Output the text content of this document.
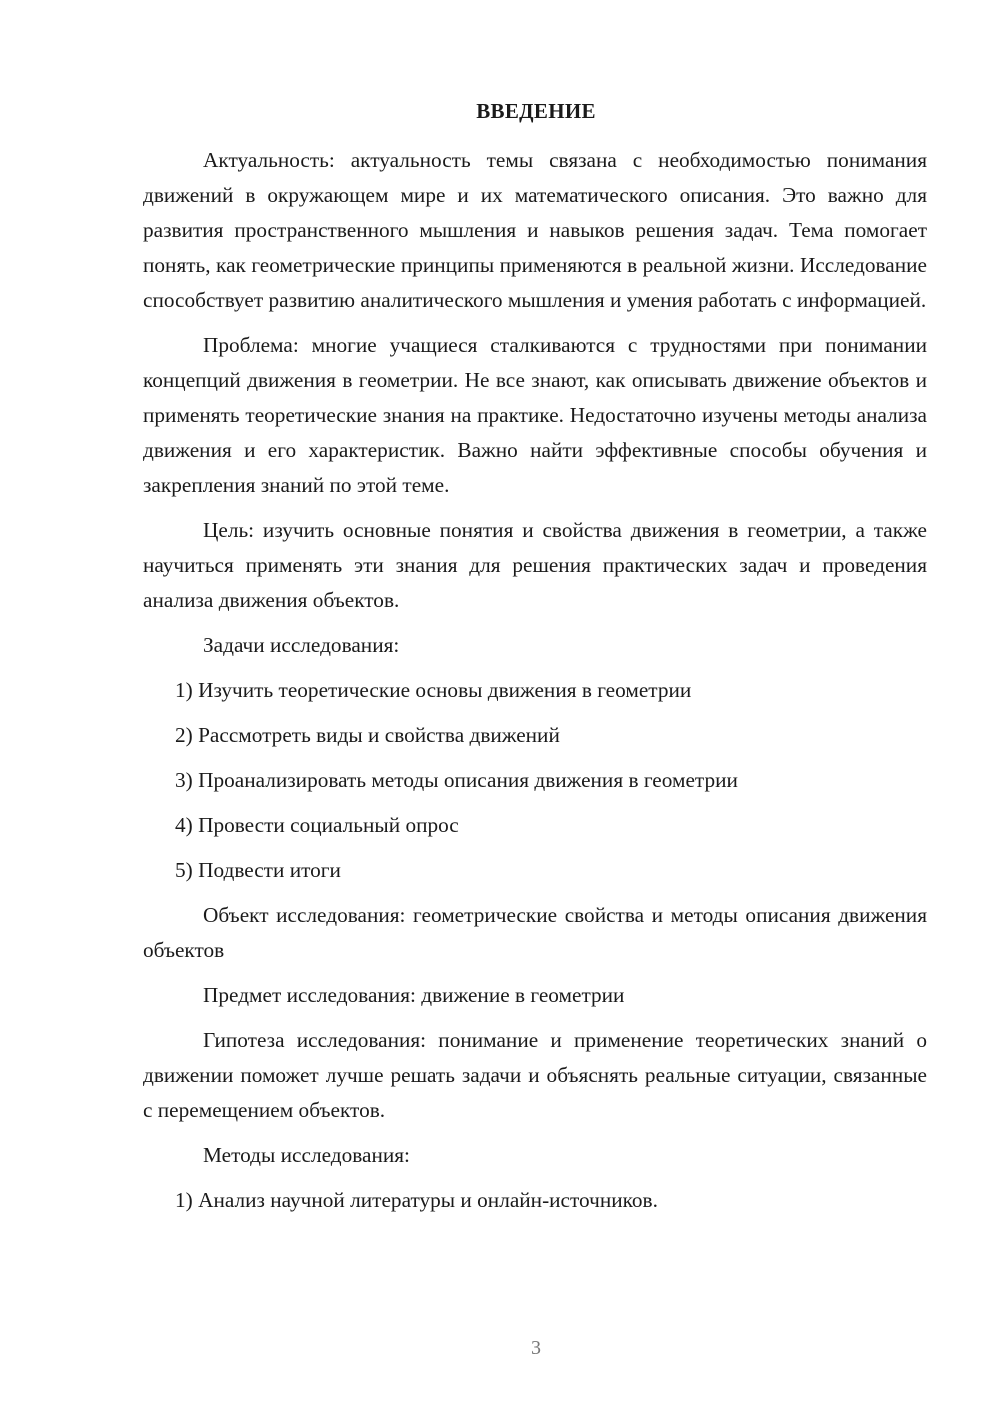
ВВЕДЕНИЕ

Актуальность: актуальность темы связана с необходимостью понимания движений в окружающем мире и их математического описания. Это важно для развития пространственного мышления и навыков решения задач. Тема помогает понять, как геометрические принципы применяются в реальной жизни. Исследование способствует развитию аналитического мышления и умения работать с информацией.

Проблема: многие учащиеся сталкиваются с трудностями при понимании концепций движения в геометрии. Не все знают, как описывать движение объектов и применять теоретические знания на практике. Недостаточно изучены методы анализа движения и его характеристик. Важно найти эффективные способы обучения и закрепления знаний по этой теме.

Цель: изучить основные понятия и свойства движения в геометрии, а также научиться применять эти знания для решения практических задач и проведения анализа движения объектов.

Задачи исследования:
1) Изучить теоретические основы движения в геометрии
2) Рассмотреть виды и свойства движений
3) Проанализировать методы описания движения в геометрии
4) Провести социальный опрос
5) Подвести итоги

Объект исследования: геометрические свойства и методы описания движения объектов

Предмет исследования: движение в геометрии

Гипотеза исследования: понимание и применение теоретических знаний о движении поможет лучше решать задачи и объяснять реальные ситуации, связанные с перемещением объектов.

Методы исследования:
1) Анализ научной литературы и онлайн-источников.
3
